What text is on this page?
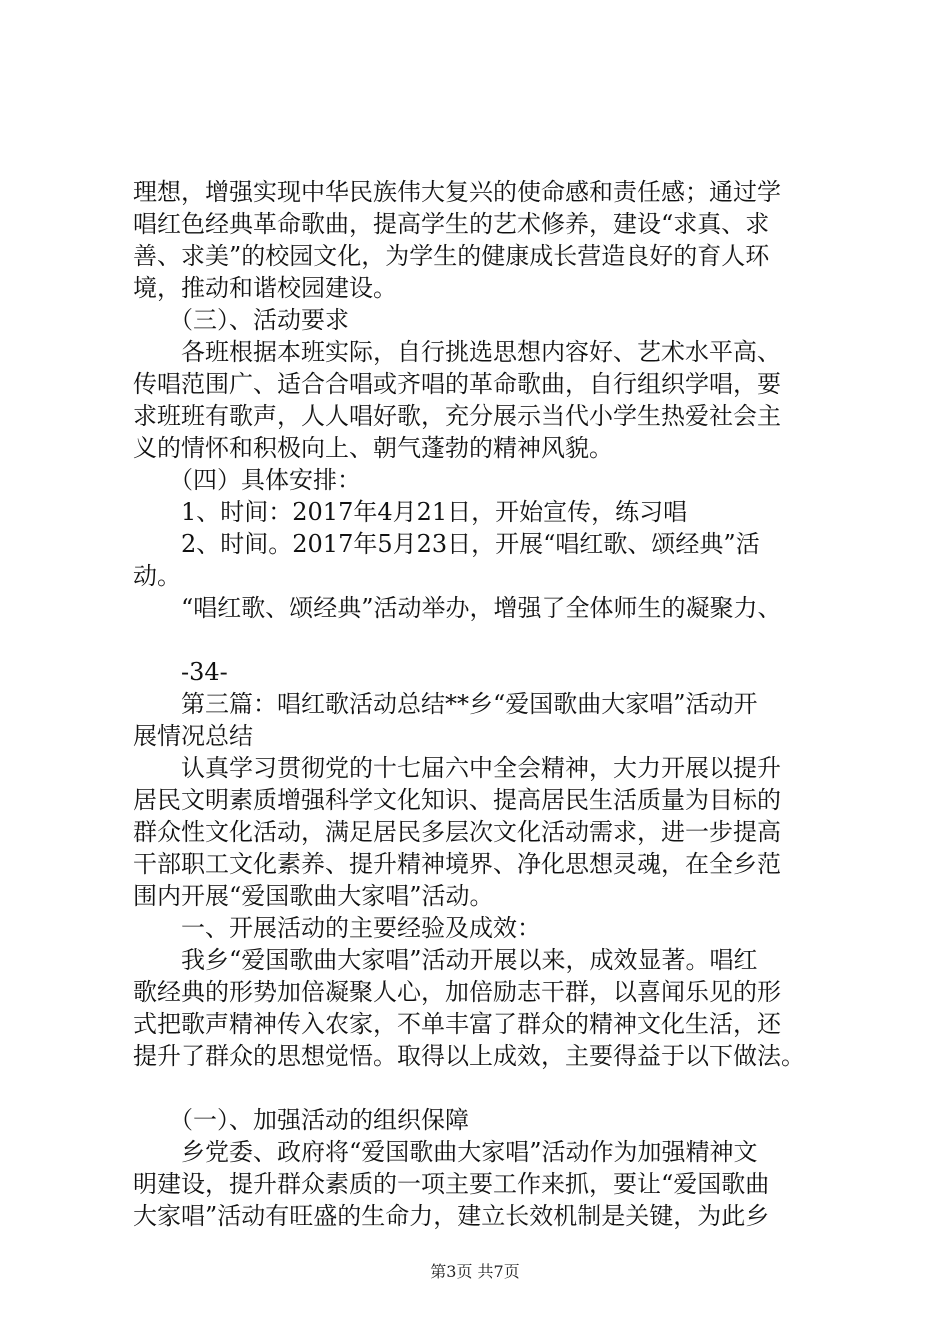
理想，增强实现中华民族伟大复兴的使命感和责任感；通过学
唱红色经典革命歌曲，提高学生的艺术修养，建设“求真、求
善、求美”的校园文化，为学生的健康成长营造良好的育人环
境，推动和谐校园建设。
　　（三）、活动要求
　　各班根据本班实际，自行挑选思想内容好、艺术水平高、
传唱范围广、适合合唱或齐唱的革命歌曲，自行组织学唱，要
求班班有歌声，人人唱好歌，充分展示当代小学生热爱社会主
义的情怀和积极向上、朝气蓬勃的精神风貌。
　　（四）具体安排：
　　1、时间：2017年4月21日，开始宣传，练习唱
　　2、时间。2017年5月23日，开展“唱红歌、颂经典”活
动。
　　“唱红歌、颂经典”活动举办，增强了全体师生的凝聚力、
　　-34-
　　第三篇：唱红歌活动总结**乡“爱国歌曲大家唱”活动开
展情况总结
　　认真学习贯彻党的十七届六中全会精神，大力开展以提升
居民文明素质增强科学文化知识、提高居民生活质量为目标的
群众性文化活动，满足居民多层次文化活动需求，进一步提高
干部职工文化素养、提升精神境界、净化思想灵魂，在全乡范
围内开展“爱国歌曲大家唱”活动。
　　一、开展活动的主要经验及成效：
　　我乡“爱国歌曲大家唱”活动开展以来，成效显著。唱红
歌经典的形势加倍凝聚人心，加倍励志干群，以喜闻乐见的形
式把歌声精神传入农家，不单丰富了群众的精神文化生活，还
提升了群众的思想觉悟。取得以上成效，主要得益于以下做法。
　　（一）、加强活动的组织保障
　　乡党委、政府将“爱国歌曲大家唱”活动作为加强精神文
明建设，提升群众素质的一项主要工作来抓，要让“爱国歌曲
大家唱”活动有旺盛的生命力，建立长效机制是关键，为此乡
第3页 共7页
